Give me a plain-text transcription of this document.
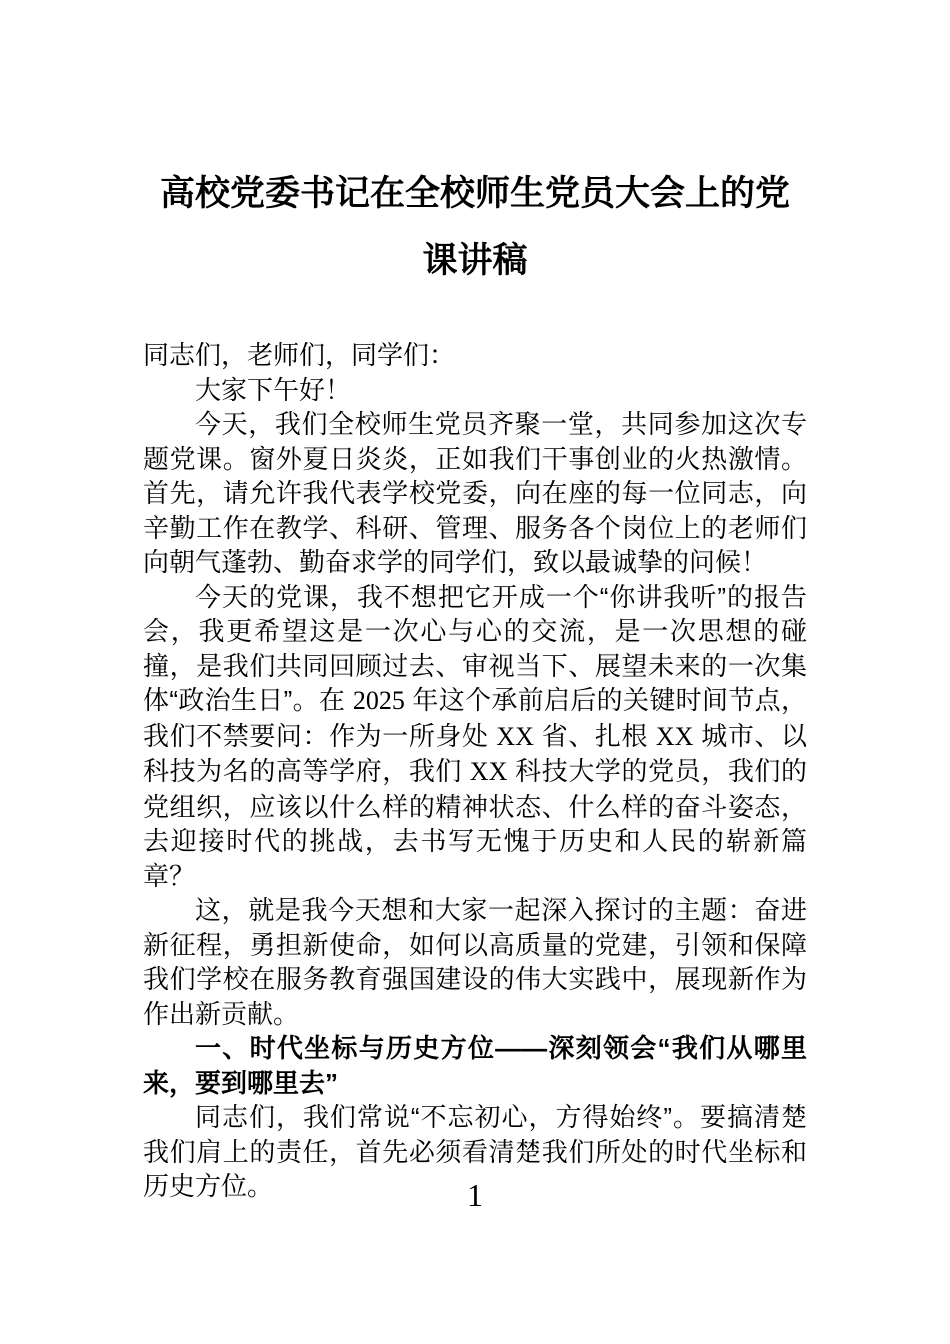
高校党委书记在全校师生党员大会上的党课讲稿

同志们，老师们，同学们：

大家下午好！

今天，我们全校师生党员齐聚一堂，共同参加这次专题党课。窗外夏日炎炎，正如我们干事创业的火热激情。首先，请允许我代表学校党委，向在座的每一位同志，向辛勤工作在教学、科研、管理、服务各个岗位上的老师们向朝气蓬勃、勤奋求学的同学们，致以最诚挚的问候！

今天的党课，我不想把它开成一个“你讲我听”的报告会，我更希望这是一次心与心的交流，是一次思想的碰撞，是我们共同回顾过去、审视当下、展望未来的一次集体“政治生日”。在 2025 年这个承前启后的关键时间节点，我们不禁要问：作为一所身处 XX 省、扎根 XX 城市、以科技为名的高等学府，我们 XX 科技大学的党员，我们的党组织，应该以什么样的精神状态、什么样的奋斗姿态，去迎接时代的挑战，去书写无愧于历史和人民的崭新篇章？

这，就是我今天想和大家一起深入探讨的主题：奋进新征程，勇担新使命，如何以高质量的党建，引领和保障我们学校在服务教育强国建设的伟大实践中，展现新作为作出新贡献。

一、时代坐标与历史方位——深刻领会“我们从哪里来，要到哪里去”

同志们，我们常说“不忘初心，方得始终”。要搞清楚我们肩上的责任，首先必须看清楚我们所处的时代坐标和历史方位。	1
